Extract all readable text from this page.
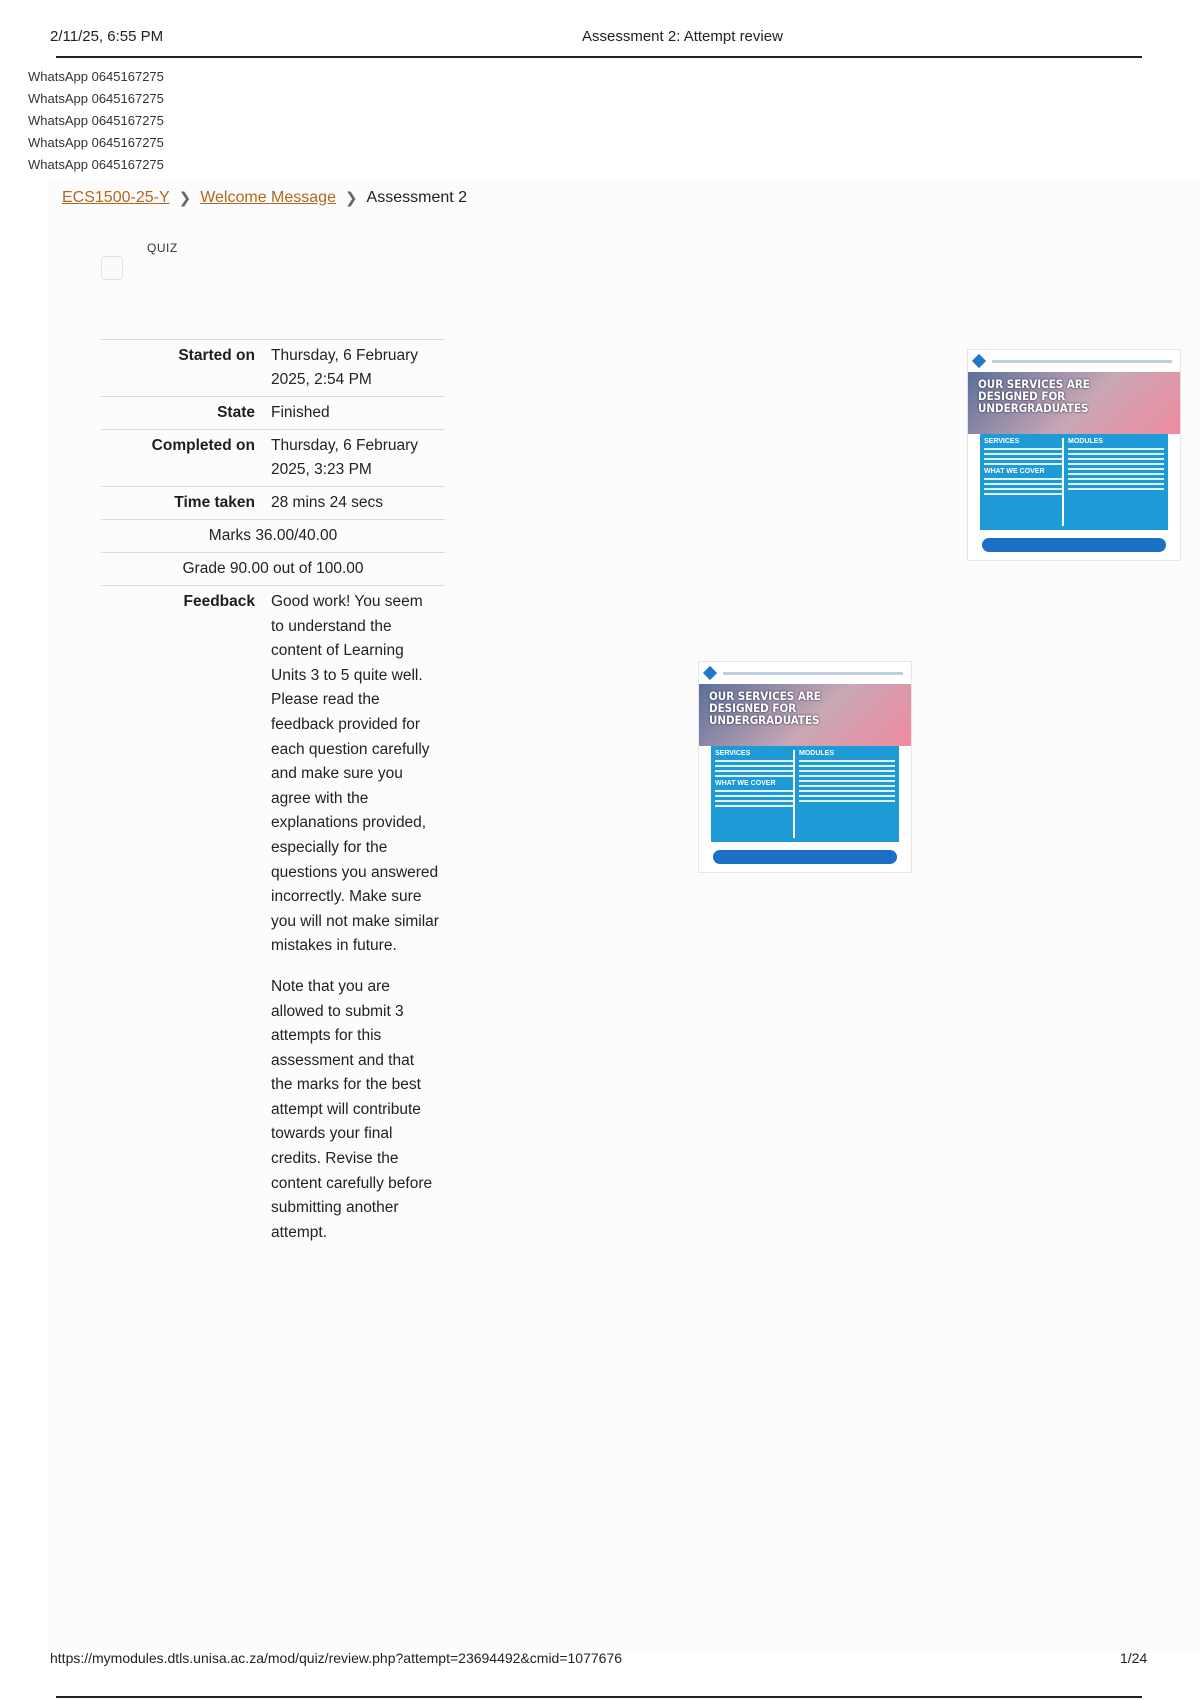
2/11/25, 6:55 PM	Assessment 2: Attempt review
WhatsApp 0645167275
WhatsApp 0645167275
WhatsApp 0645167275
WhatsApp 0645167275
WhatsApp 0645167275
ECS1500-25-Y ❯ Welcome Message ❯ Assessment 2
QUIZ
Started on	Thursday, 6 February 2025, 2:54 PM
State	Finished
Completed on	Thursday, 6 February 2025, 3:23 PM
Time taken	28 mins 24 secs
Marks 36.00/40.00	
Grade 90.00 out of 100.00	
Feedback	Good work! You seem to understand the content of Learning Units 3 to 5 quite well. Please read the feedback provided for each question carefully and make sure you agree with the explanations provided, especially for the questions you answered incorrectly. Make sure you will not make similar mistakes in future.

Note that you are allowed to submit 3 attempts for this assessment and that the marks for the best attempt will contribute towards your final credits. Revise the content carefully before submitting another attempt.

OUR SERVICES ARE
DESIGNED FOR
UNDERGRADUATES
SERVICES
WHAT WE COVER
MODULES
OUR SERVICES ARE
DESIGNED FOR
UNDERGRADUATES
SERVICES
WHAT WE COVER
MODULES
https://mymodules.dtls.unisa.ac.za/mod/quiz/review.php?attempt=23694492&cmid=1077676	1/24
